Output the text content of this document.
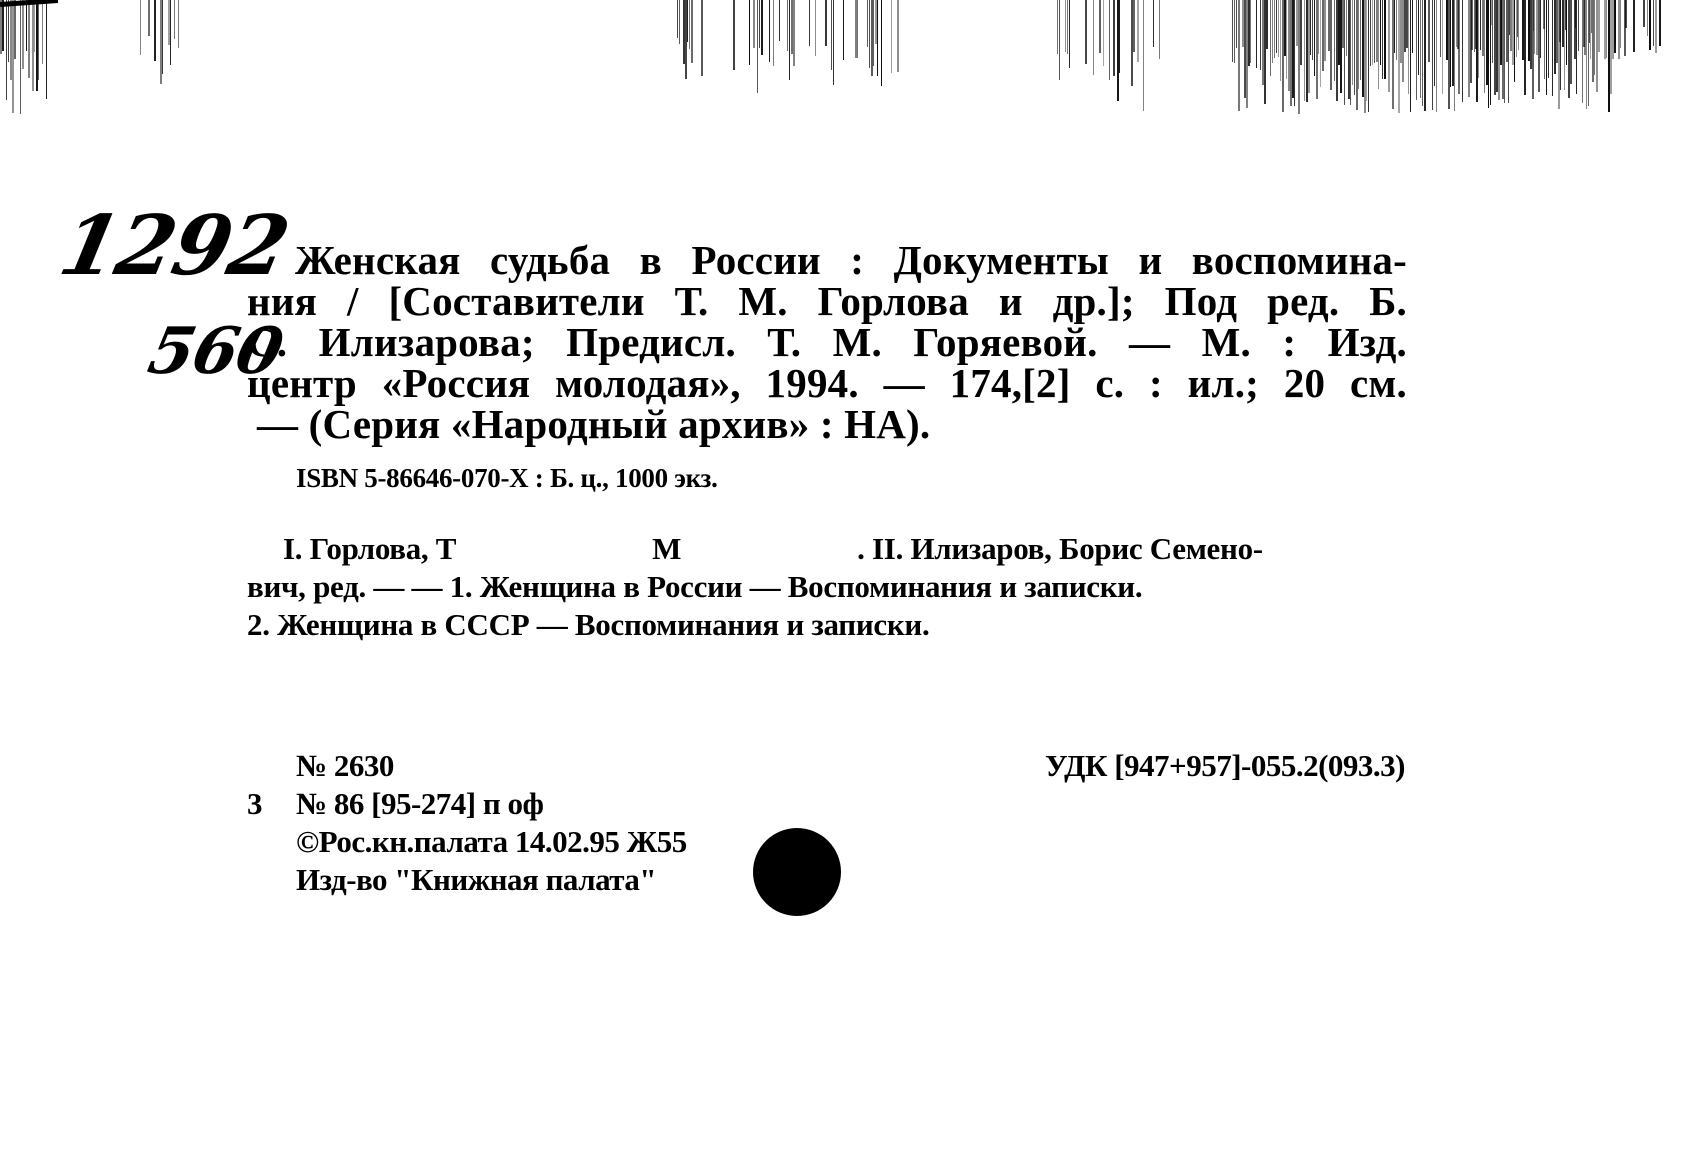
1292
560
Женская судьба в России : Документы и воспомина-
ния / [Составители Т. М. Горлова и др.]; Под ред. Б.
С. Илизарова; Предисл. Т. М. Горяевой. — М. : Изд.
центр «Россия молодая», 1994. — 174,[2] с. : ил.; 20 см.
— (Серия «Народный архив» : НА).
ISBN 5-86646-070-X : Б. ц., 1000 экз.
I. Горлова, Т	М	. II. Илизаров, Борис Семено-
вич, ред. — — 1. Женщина в России — Воспоминания и записки.
2. Женщина в СССР — Воспоминания и записки.
№ 2630	УДК [947+957]-055.2(093.3)
3 № 86 [95-274] п оф
©Рос.кн.палата 14.02.95 Ж55
Изд-во "Книжная палата"
